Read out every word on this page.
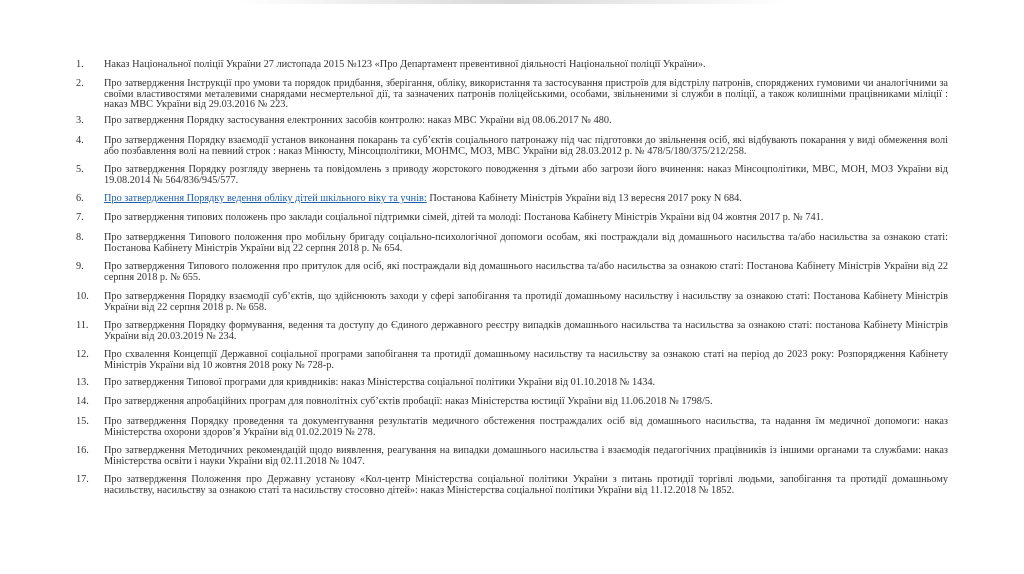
1.	Наказ Національної поліції України 27 листопада 2015 №123 «Про Департамент превентивної діяльності Національної поліції України».
2.	Про затвердження Інструкції про умови та порядок придбання, зберігання, обліку, використання та застосування пристроїв для відстрілу патронів, споряджених гумовими чи аналогічними за своїми властивостями металевими снарядами несмертельної дії, та зазначених патронів поліцейськими, особами, звільненими зі служби в поліції, а також колишніми працівниками міліції : наказ МВС України від 29.03.2016 № 223.
3.	Про затвердження Порядку застосування електронних засобів контролю: наказ МВС України від 08.06.2017 № 480.
4.	Про затвердження Порядку взаємодії установ виконання покарань та суб’єктів соціального патронажу під час підготовки до звільнення осіб, які відбувають покарання у виді обмеження волі або позбавлення волі на певний строк : наказ Мінюсту, Мінсоцполітики, МОНМС, МОЗ, МВС України від 28.03.2012 р. № 478/5/180/375/212/258.
5.	Про затвердження Порядку розгляду звернень та повідомлень з приводу жорстокого поводження з дітьми або загрози його вчинення: наказ Мінсоцполітики, МВС, МОН, МОЗ України від 19.08.2014 № 564/836/945/577.
6.	Про затвердження Порядку ведення обліку дітей шкільного віку та учнів: Постанова Кабінету Міністрів України від 13 вересня 2017 року N 684.
7.	Про затвердження типових положень про заклади соціальної підтримки сімей, дітей та молоді: Постанова Кабінету Міністрів України від 04 жовтня 2017 р. № 741.
8.	Про затвердження Типового положення про мобільну бригаду соціально-психологічної допомоги особам, які постраждали від домашнього насильства та/або насильства за ознакою статі: Постанова Кабінету Міністрів України від 22 серпня 2018 р. № 654.
9.	Про затвердження Типового положення про притулок для осіб, які постраждали від домашнього насильства та/або насильства за ознакою статі: Постанова Кабінету Міністрів України від 22 серпня 2018 р. № 655.
10.	Про затвердження Порядку взаємодії суб’єктів, що здійснюють заходи у сфері запобігання та протидії домашньому насильству і насильству за ознакою статі: Постанова Кабінету Міністрів України від 22 серпня 2018 р. № 658.
11.	Про затвердження Порядку формування, ведення та доступу до Єдиного державного реєстру випадків домашнього насильства та насильства за ознакою статі: постанова Кабінету Міністрів України від 20.03.2019 № 234.
12.	Про схвалення Концепції Державної соціальної програми запобігання та протидії домашньому насильству та насильству за ознакою статі на період до 2023 року: Розпорядження Кабінету Міністрів України від 10 жовтня 2018 року № 728-р.
13.	Про затвердження Типової програми для кривдників: наказ Міністерства соціальної політики України від 01.10.2018 № 1434.
14.	Про затвердження апробаційних програм для повнолітніх суб’єктів пробації: наказ Міністерства юстиції України від 11.06.2018 № 1798/5.
15.	Про затвердження Порядку проведення та документування результатів медичного обстеження постраждалих осіб від домашнього насильства, та надання їм медичної допомоги: наказ Міністерства охорони здоров’я України від 01.02.2019 № 278.
16.	Про затвердження Методичних рекомендацій щодо виявлення, реагування на випадки домашнього насильства і взаємодія педагогічних працівників із іншими органами та службами: наказ Міністерства освіти і науки України від 02.11.2018 № 1047.
17.	Про затвердження Положення про Державну установу «Кол-центр Міністерства соціальної політики України з питань протидії торгівлі людьми, запобігання та протидії домашньому насильству, насильству за ознакою статі та насильству стосовно дітей»: наказ Міністерства соціальної політики України від 11.12.2018 № 1852.
